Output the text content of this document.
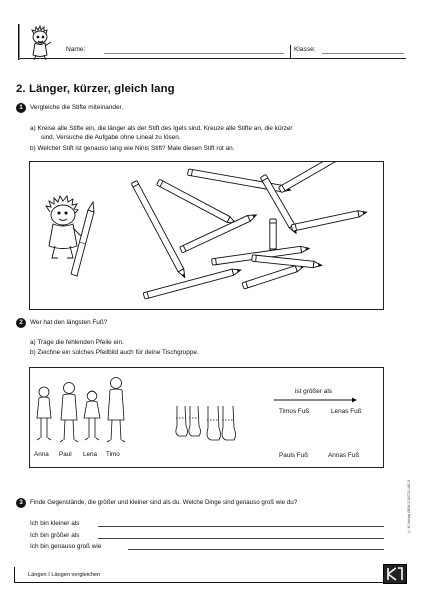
Name:	Klasse:
2. Länger, kürzer, gleich lang
1	Vergleiche die Stifte miteinander.
a) Kreise alle Stifte ein, die länger als der Stift des Igels sind. Kreuze alle Stifte an, die kürzer
sind. Versuche die Aufgabe ohne Lineal zu lösen.
b) Welcher Stift ist genauso lang wie Ninis Stift? Male diesen Stift rot an.
2	Wer hat den längsten Fuß?
a) Trage die fehlenden Pfeile ein.
b) Zeichne ein solches Pfeilbild auch für deine Tischgruppe.
Anna Paul Lena Timo
ist größer als
Timos Fuß	Lenas Fuß
Pauls Fuß	Annas Fuß
3	Finde Gegenstände, die größer und kleiner sind als du. Welche Dinge sind genauso groß wie du?
Ich bin kleiner als
Ich bin größer als
Ich bin genauso groß wie
Längen I Längen vergleichen
© Kl Verlag ISBN 3-00722-481-9
